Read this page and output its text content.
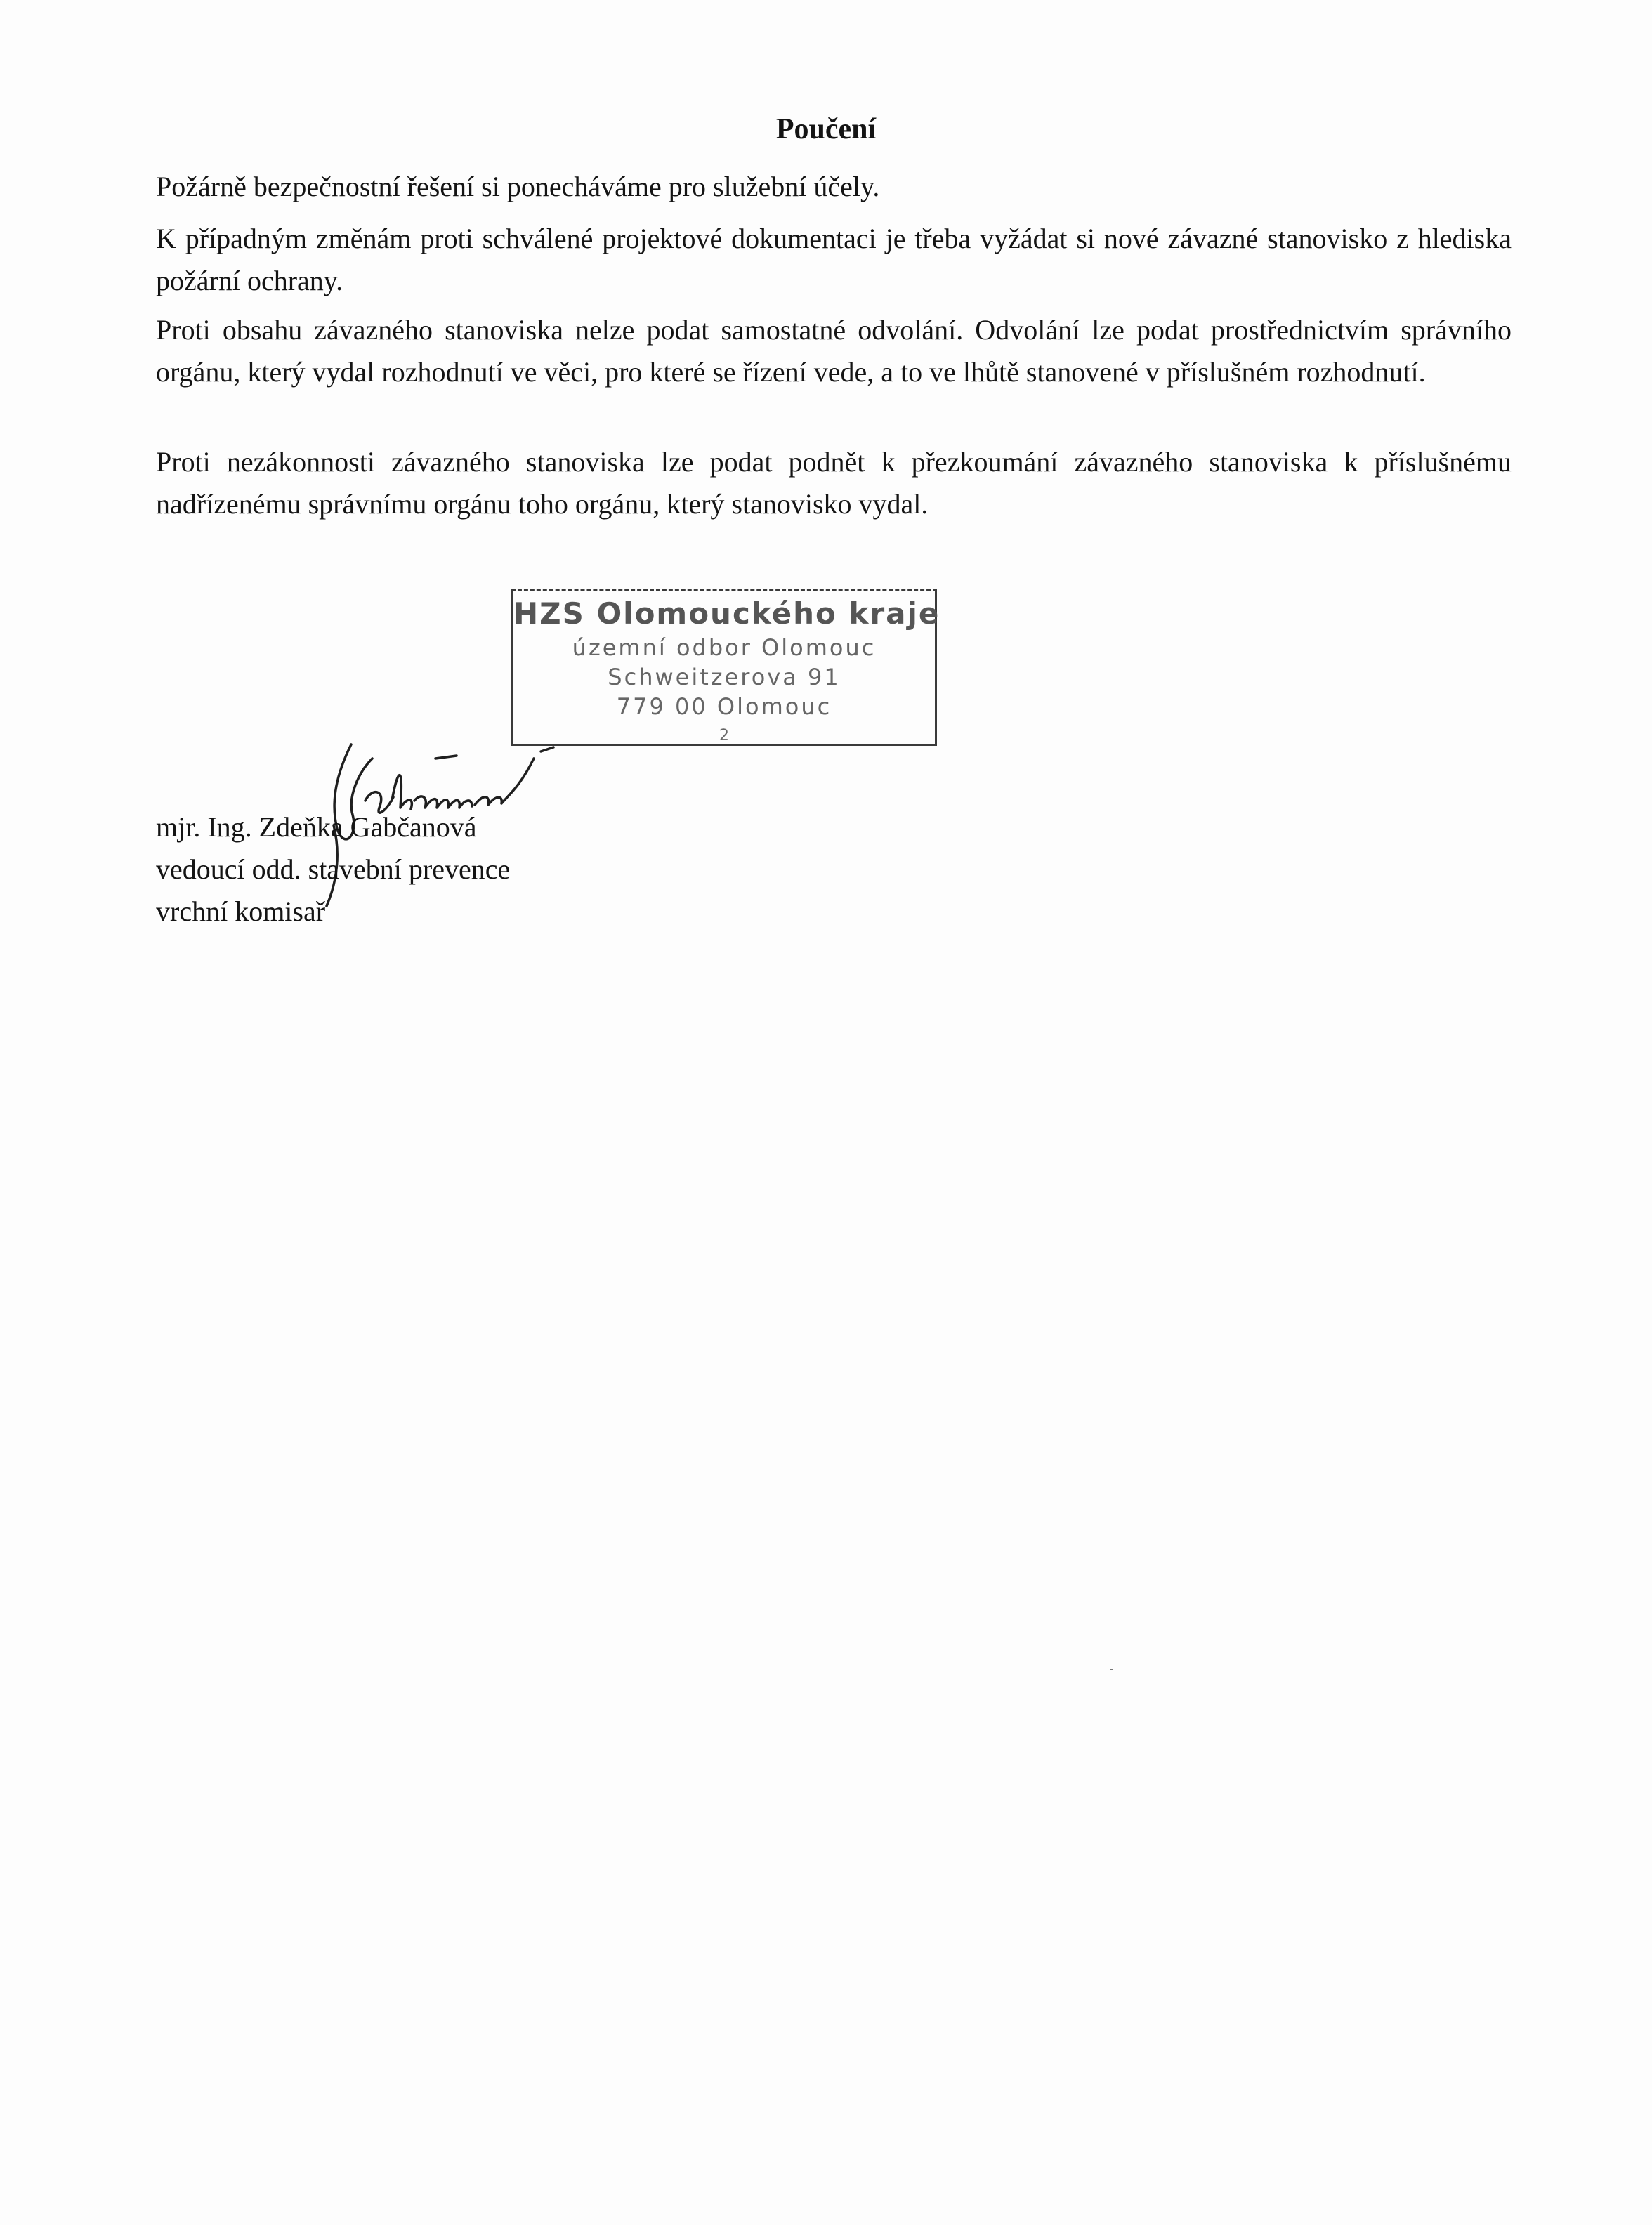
Poučení

Požárně bezpečnostní řešení si ponecháváme pro služební účely.

K případným změnám proti schválené projektové dokumentaci je třeba vyžádat si nové závazné stanovisko z hlediska požární ochrany.

Proti obsahu závazného stanoviska nelze podat samostatné odvolání. Odvolání lze podat prostřednictvím správního orgánu, který vydal rozhodnutí ve věci, pro které se řízení vede, a to ve lhůtě stanovené v příslušném rozhodnutí.

Proti nezákonnosti závazného stanoviska lze podat podnět k přezkoumání závazného stanoviska k příslušnému nadřízenému správnímu orgánu toho orgánu, který stanovisko vydal.

HZS Olomouckého kraje
územní odbor Olomouc
Schweitzerova 91
779 00 Olomouc
2
mjr. Ing. Zdeňka Gabčanová
vedoucí odd. stavební prevence
vrchní komisař
